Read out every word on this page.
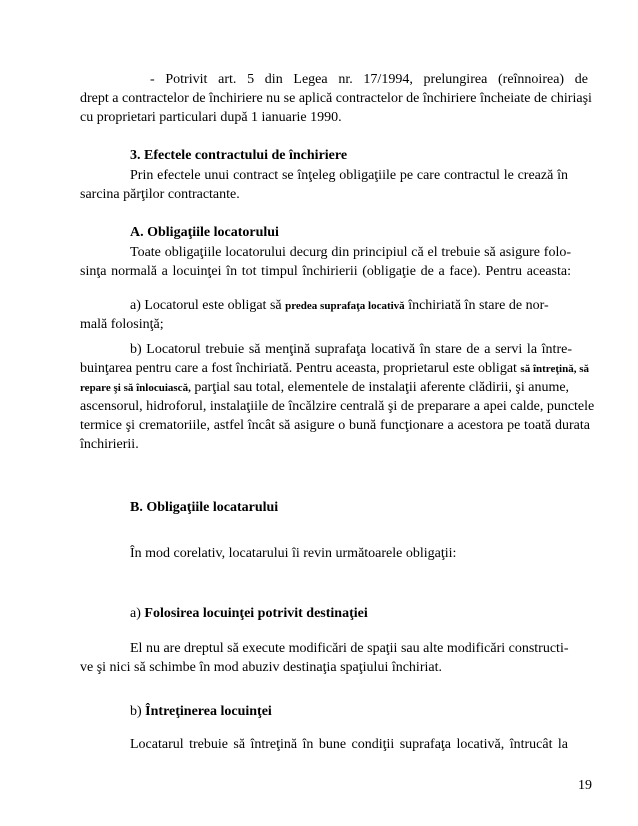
- Potrivit art. 5 din Legea nr. 17/1994, prelungirea (reînnoirea) de
drept a contractelor de închiriere nu se aplică contractelor de închiriere încheiate de chiriaşi
cu proprietari particulari după 1 ianuarie 1990.
3. Efectele contractului de închiriere
Prin efectele unui contract se înţeleg obligaţiile pe care contractul le crează în
sarcina părţilor contractante.
A. Obligaţiile locatorului
Toate obligaţiile locatorului decurg din principiul că el trebuie să asigure folo-
sinţa normală a locuinţei în tot timpul închirierii (obligaţie de a face). Pentru aceasta:
a) Locatorul este obligat să predea suprafaţa locativă închiriată în stare de nor-
mală folosinţă;
b) Locatorul trebuie să menţină suprafaţa locativă în stare de a servi la între-
buinţarea pentru care a fost închiriată. Pentru aceasta, proprietarul este obligat să întreţină, să
repare şi să înlocuiască, parţial sau total, elementele de instalaţii aferente clădirii, şi anume,
ascensorul, hidroforul, instalaţiile de încălzire centrală şi de preparare a apei calde, punctele
termice şi crematoriile, astfel încât să asigure o bună funcţionare a acestora pe toată durata
închirierii.
B. Obligaţiile locatarului
În mod corelativ, locatarului îi revin următoarele obligaţii:
a) Folosirea locuinţei potrivit destinaţiei
El nu are dreptul să execute modificări de spaţii sau alte modificări constructi-
ve şi nici să schimbe în mod abuziv destinaţia spaţiului închiriat.
b) Întreţinerea locuinţei
Locatarul trebuie să întreţină în bune condiţii suprafaţa locativă, întrucât la
19
